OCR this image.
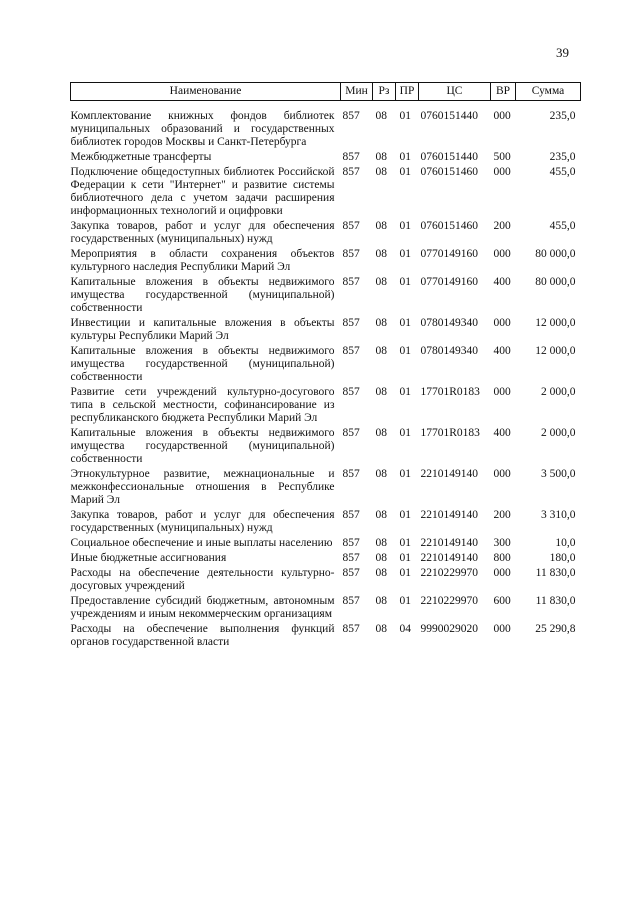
39
Наименование	Мин	Рз	ПР	ЦС	ВР	Сумма
Комплектование книжных фондов библиотек муниципальных образований и государственных библиотек городов Москвы и Санкт-Петербурга	857	08	01	0760151440	000	235,0
Межбюджетные трансферты	857	08	01	0760151440	500	235,0
Подключение общедоступных библиотек Российской Федерации к сети "Интернет" и развитие системы библиотечного дела с учетом задачи расширения информационных технологий и оцифровки	857	08	01	0760151460	000	455,0
Закупка товаров, работ и услуг для обеспечения государственных (муниципальных) нужд	857	08	01	0760151460	200	455,0
Мероприятия в области сохранения объектов культурного наследия Республики Марий Эл	857	08	01	0770149160	000	80 000,0
Капитальные вложения в объекты недвижимого имущества государственной (муниципальной) собственности	857	08	01	0770149160	400	80 000,0
Инвестиции и капитальные вложения в объекты культуры Республики Марий Эл	857	08	01	0780149340	000	12 000,0
Капитальные вложения в объекты недвижимого имущества государственной (муниципальной) собственности	857	08	01	0780149340	400	12 000,0
Развитие сети учреждений культурно-досугового типа в сельской местности, софинансирование из республиканского бюджета Республики Марий Эл	857	08	01	17701R0183	000	2 000,0
Капитальные вложения в объекты недвижимого имущества государственной (муниципальной) собственности	857	08	01	17701R0183	400	2 000,0
Этнокультурное развитие, межнациональные и межконфессиональные отношения в Республике Марий Эл	857	08	01	2210149140	000	3 500,0
Закупка товаров, работ и услуг для обеспечения государственных (муниципальных) нужд	857	08	01	2210149140	200	3 310,0
Социальное обеспечение и иные выплаты населению	857	08	01	2210149140	300	10,0
Иные бюджетные ассигнования	857	08	01	2210149140	800	180,0
Расходы на обеспечение деятельности культурно-досуговых учреждений	857	08	01	2210229970	000	11 830,0
Предоставление субсидий бюджетным, автономным учреждениям и иным некоммерческим организациям	857	08	01	2210229970	600	11 830,0
Расходы на обеспечение выполнения функций органов государственной власти	857	08	04	9990029020	000	25 290,8
